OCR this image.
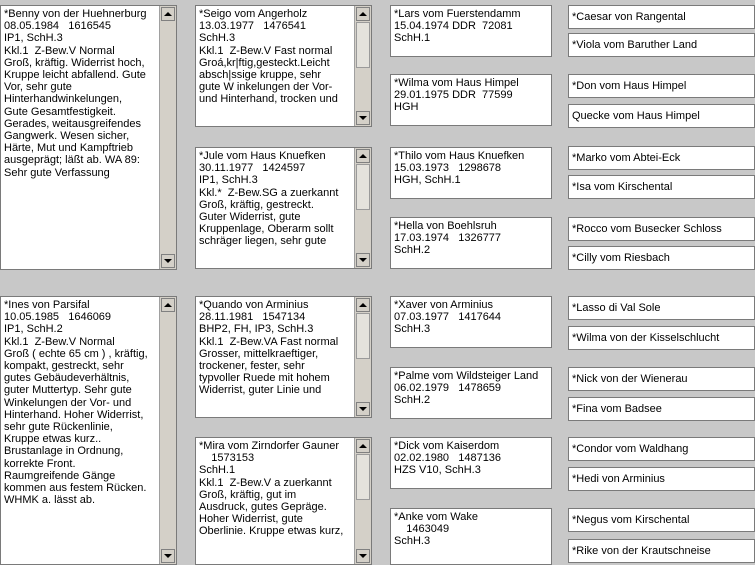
*Benny von der Huehnerburg
08.05.1984   1616545
IP1, SchH.3
Kkl.1  Z-Bew.V Normal
Groß, kräftig. Widerrist hoch,
Kruppe leicht abfallend. Gute
Vor, sehr gute
Hinterhandwinkelungen,
Gute Gesamtfestigkeit.
Gerades, weitausgreifendes
Gangwerk. Wesen sicher,
Härte, Mut und Kampftrieb
ausgeprägt; läßt ab. WA 89:
Sehr gute Verfassung
*Ines von Parsifal
10.05.1985   1646069
IP1, SchH.2
Kkl.1  Z-Bew.V Normal
Groß ( echte 65 cm ) , kräftig,
kompakt, gestreckt, sehr
gutes Gebäudeverhältnis,
guter Muttertyp. Sehr gute
Winkelungen der Vor- und
Hinterhand. Hoher Widerrist,
sehr gute Rückenlinie,
Kruppe etwas kurz..
Brustanlage in Ordnung,
korrekte Front.
Raumgreifende Gänge
kommen aus festem Rücken.
WHMK a. lässt ab.
*Seigo vom Angerholz
13.03.1977   1476541
SchH.3
Kkl.1  Z-Bew.V Fast normal
Groá,kr|ftig,gesteckt.Leicht
absch|ssige kruppe, sehr
gute W inkelungen der Vor-
und Hinterhand, trocken und
*Jule vom Haus Knuefken
30.11.1977   1424597
IP1, SchH.3
Kkl.*  Z-Bew.SG a zuerkannt
Groß, kräftig, gestreckt.
Guter Widerrist, gute
Kruppenlage, Oberarm sollt
schräger liegen, sehr gute
*Quando von Arminius
28.11.1981   1547134
BHP2, FH, IP3, SchH.3
Kkl.1  Z-Bew.VA Fast normal
Grosser, mittelkraeftiger,
trockener, fester, sehr
typvoller Ruede mit hohem
Widerrist, guter Linie und
*Mira vom Zirndorfer Gauner
1573153
SchH.1
Kkl.1  Z-Bew.V a zuerkannt
Groß, kräftig, gut im
Ausdruck, gutes Gepräge.
Hoher Widerrist, gute
Oberlinie. Kruppe etwas kurz,
*Lars vom Fuerstendamm
15.04.1974 DDR  72081
SchH.1
*Wilma vom Haus Himpel
29.01.1975 DDR  77599
HGH
*Thilo vom Haus Knuefken
15.03.1973   1298678
HGH, SchH.1
*Hella von Boehlsruh
17.03.1974   1326777
SchH.2
*Xaver von Arminius
07.03.1977   1417644
SchH.3
*Palme vom Wildsteiger Land
06.02.1979   1478659
SchH.2
*Dick vom Kaiserdom
02.02.1980   1487136
HZS V10, SchH.3
*Anke vom Wake
1463049
SchH.3
*Caesar von Rangental
*Viola vom Baruther Land
*Don vom Haus Himpel
Quecke vom Haus Himpel
*Marko vom Abtei-Eck
*Isa vom Kirschental
*Rocco vom Busecker Schloss
*Cilly vom Riesbach
*Lasso di Val Sole
*Wilma von der Kisselschlucht
*Nick von der Wienerau
*Fina vom Badsee
*Condor vom Waldhang
*Hedi von Arminius
*Negus vom Kirschental
*Rike von der Krautschneise
